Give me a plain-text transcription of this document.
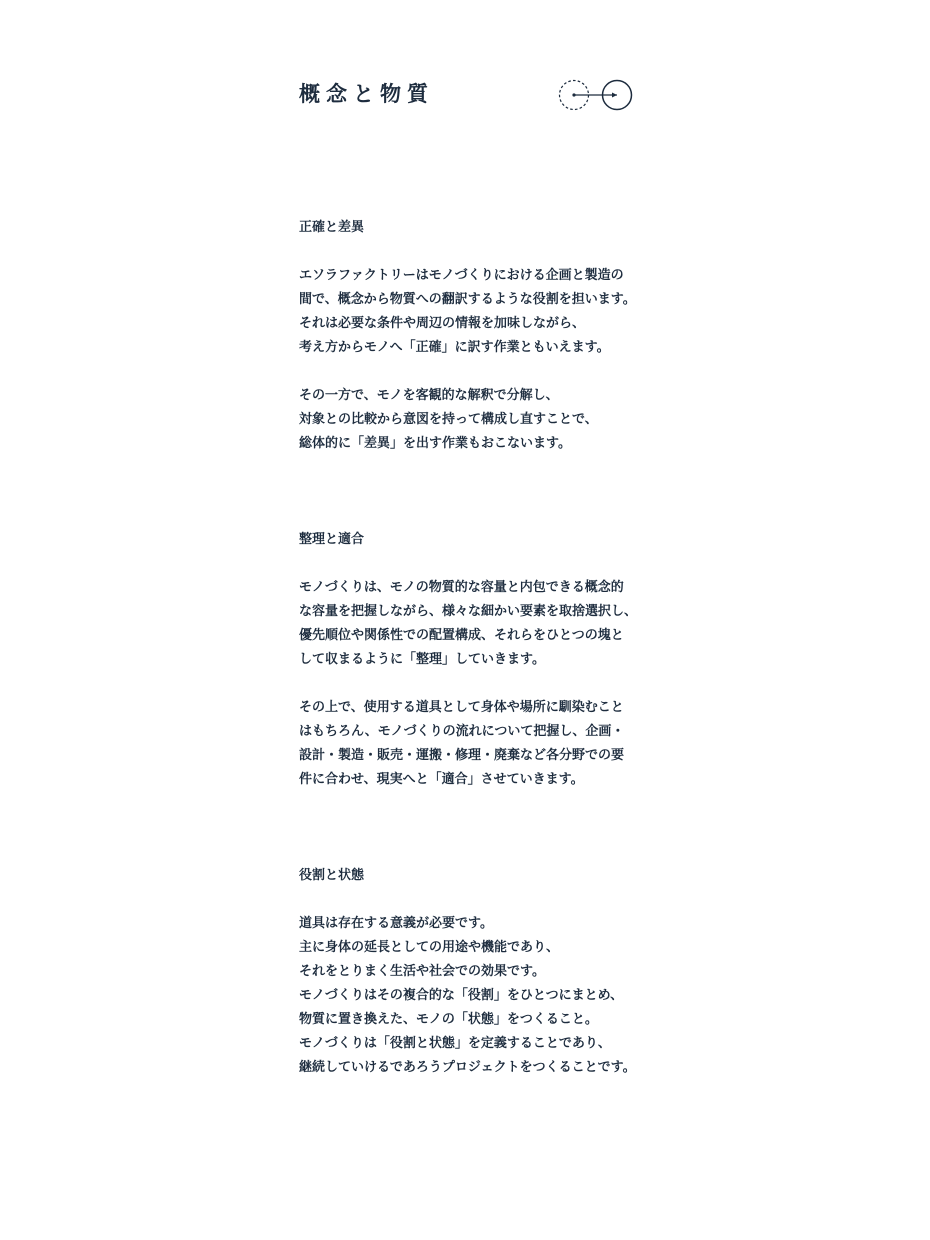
概念と物質
正確と差異

エソラファクトリーはモノづくりにおける企画と製造の
間で、概念から物質への翻訳するような役割を担います。
それは必要な条件や周辺の情報を加味しながら、
考え方からモノへ「正確」に訳す作業ともいえます。

その一方で、モノを客観的な解釈で分解し、
対象との比較から意図を持って構成し直すことで、
総体的に「差異」を出す作業もおこないます。

整理と適合

モノづくりは、モノの物質的な容量と内包できる概念的
な容量を把握しながら、様々な細かい要素を取捨選択し、
優先順位や関係性での配置構成、それらをひとつの塊と
して収まるように「整理」していきます。

その上で、使用する道具として身体や場所に馴染むこと
はもちろん、モノづくりの流れについて把握し、企画・
設計・製造・販売・運搬・修理・廃棄など各分野での要
件に合わせ、現実へと「適合」させていきます。

役割と状態

道具は存在する意義が必要です。
主に身体の延長としての用途や機能であり、
それをとりまく生活や社会での効果です。
モノづくりはその複合的な「役割」をひとつにまとめ、
物質に置き換えた、モノの「状態」をつくること。
モノづくりは「役割と状態」を定義することであり、
継続していけるであろうプロジェクトをつくることです。
